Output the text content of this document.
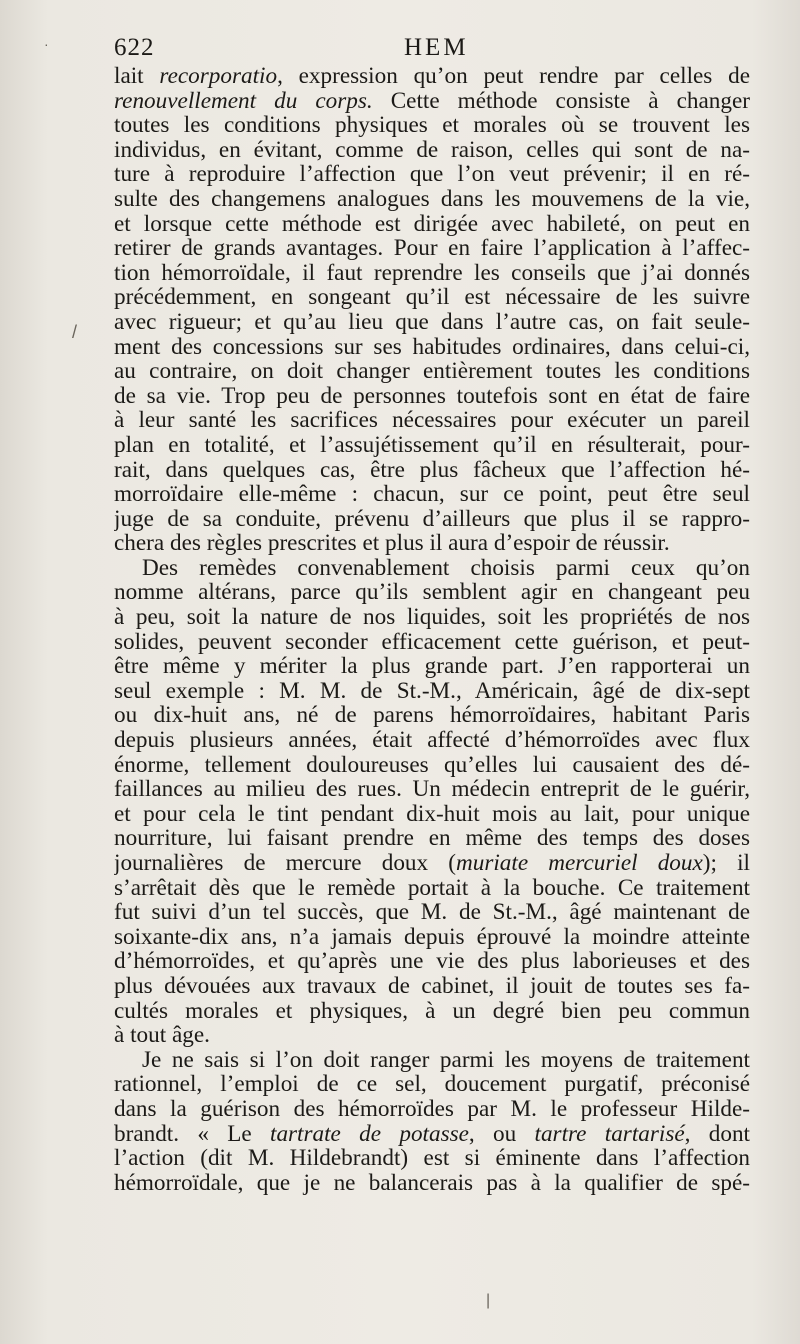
622	HEM
lait recorporatio, expression qu’on peut rendre par celles de
renouvellement du corps. Cette méthode consiste à changer
toutes les conditions physiques et morales où se trouvent les
individus, en évitant, comme de raison, celles qui sont de na-
ture à reproduire l’affection que l’on veut prévenir; il en ré-
sulte des changemens analogues dans les mouvemens de la vie,
et lorsque cette méthode est dirigée avec habileté, on peut en
retirer de grands avantages. Pour en faire l’application à l’affec-
tion hémorroïdale, il faut reprendre les conseils que j’ai donnés
précédemment, en songeant qu’il est nécessaire de les suivre
avec rigueur; et qu’au lieu que dans l’autre cas, on fait seule-
ment des concessions sur ses habitudes ordinaires, dans celui-ci,
au contraire, on doit changer entièrement toutes les conditions
de sa vie. Trop peu de personnes toutefois sont en état de faire
à leur santé les sacrifices nécessaires pour exécuter un pareil
plan en totalité, et l’assujétissement qu’il en résulterait, pour-
rait, dans quelques cas, être plus fâcheux que l’affection hé-
morroïdaire elle-même : chacun, sur ce point, peut être seul
juge de sa conduite, prévenu d’ailleurs que plus il se rappro-
chera des règles prescrites et plus il aura d’espoir de réussir.
Des remèdes convenablement choisis parmi ceux qu’on
nomme altérans, parce qu’ils semblent agir en changeant peu
à peu, soit la nature de nos liquides, soit les propriétés de nos
solides, peuvent seconder efficacement cette guérison, et peut-
être même y mériter la plus grande part. J’en rapporterai un
seul exemple : M. M. de St.-M., Américain, âgé de dix-sept
ou dix-huit ans, né de parens hémorroïdaires, habitant Paris
depuis plusieurs années, était affecté d’hémorroïdes avec flux
énorme, tellement douloureuses qu’elles lui causaient des dé-
faillances au milieu des rues. Un médecin entreprit de le guérir,
et pour cela le tint pendant dix-huit mois au lait, pour unique
nourriture, lui faisant prendre en même des temps des doses
journalières de mercure doux (muriate mercuriel doux); il
s’arrêtait dès que le remède portait à la bouche. Ce traitement
fut suivi d’un tel succès, que M. de St.-M., âgé maintenant de
soixante-dix ans, n’a jamais depuis éprouvé la moindre atteinte
d’hémorroïdes, et qu’après une vie des plus laborieuses et des
plus dévouées aux travaux de cabinet, il jouit de toutes ses fa-
cultés morales et physiques, à un degré bien peu commun
à tout âge.
Je ne sais si l’on doit ranger parmi les moyens de traitement
rationnel, l’emploi de ce sel, doucement purgatif, préconisé
dans la guérison des hémorroïdes par M. le professeur Hilde-
brandt. « Le tartrate de potasse, ou tartre tartarisé, dont
l’action (dit M. Hildebrandt) est si éminente dans l’affection
hémorroïdale, que je ne balancerais pas à la qualifier de spé-
·
/
|
